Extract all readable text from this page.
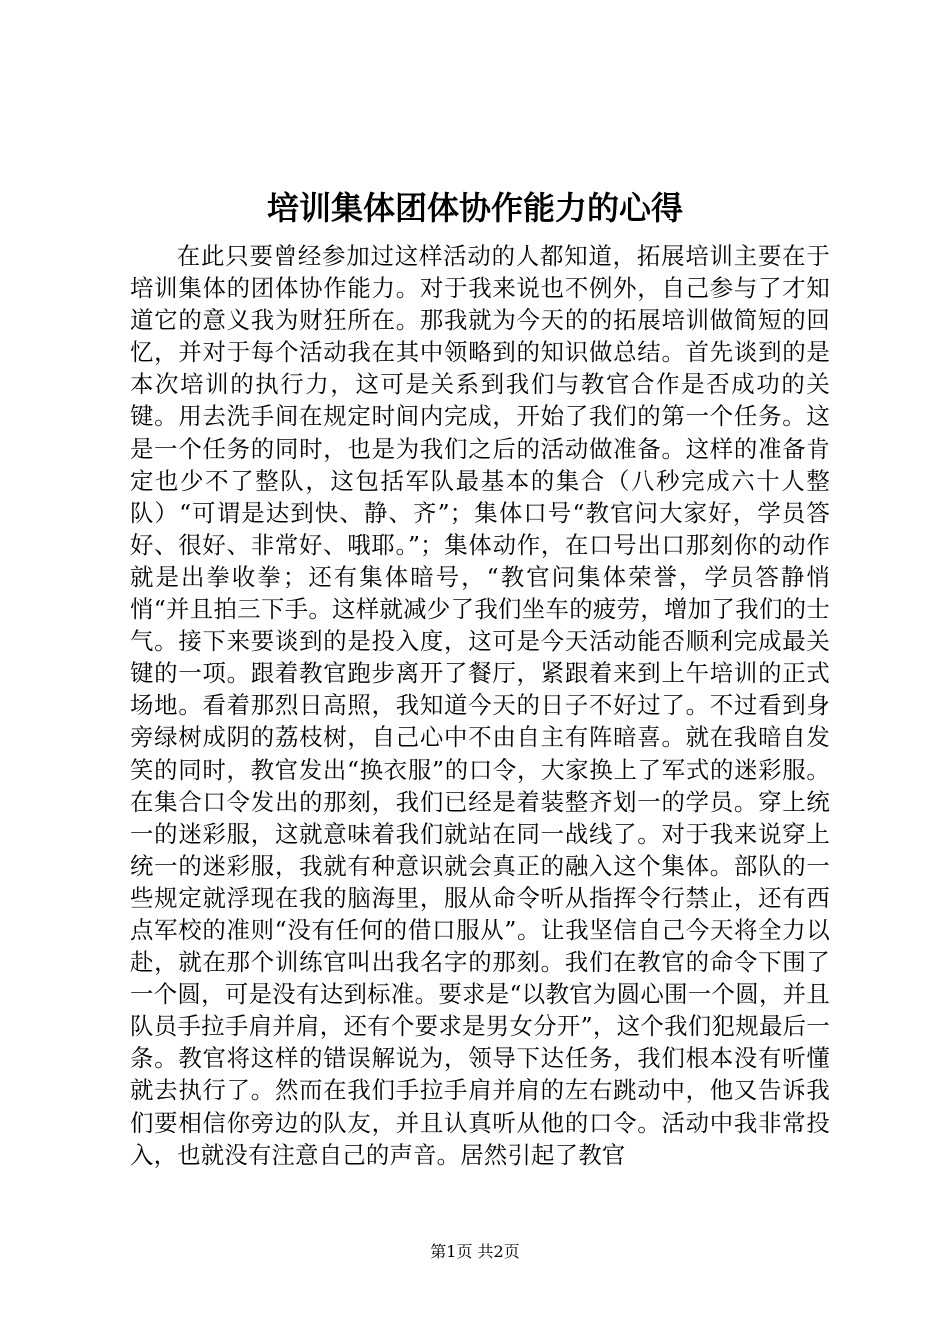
培训集体团体协作能力的心得

在此只要曾经参加过这样活动的人都知道，拓展培训主要在于培训集体的团体协作能力。对于我来说也不例外，自己参与了才知道它的意义我为财狂所在。那我就为今天的的拓展培训做简短的回忆，并对于每个活动我在其中领略到的知识做总结。首先谈到的是本次培训的执行力，这可是关系到我们与教官合作是否成功的关键。用去洗手间在规定时间内完成，开始了我们的第一个任务。这是一个任务的同时，也是为我们之后的活动做准备。这样的准备肯定也少不了整队，这包括军队最基本的集合（八秒完成六十人整队）“可谓是达到快、静、齐”；集体口号“教官问大家好，学员答好、很好、非常好、哦耶。”；集体动作，在口号出口那刻你的动作就是出拳收拳；还有集体暗号，“教官问集体荣誉，学员答静悄悄“并且拍三下手。这样就减少了我们坐车的疲劳，增加了我们的士气。接下来要谈到的是投入度，这可是今天活动能否顺利完成最关键的一项。跟着教官跑步离开了餐厅，紧跟着来到上午培训的正式场地。看着那烈日高照，我知道今天的日子不好过了。不过看到身旁绿树成阴的荔枝树，自己心中不由自主有阵暗喜。就在我暗自发笑的同时，教官发出“换衣服”的口令，大家换上了军式的迷彩服。在集合口令发出的那刻，我们已经是着装整齐划一的学员。穿上统一的迷彩服，这就意味着我们就站在同一战线了。对于我来说穿上统一的迷彩服，我就有种意识就会真正的融入这个集体。部队的一些规定就浮现在我的脑海里，服从命令听从指挥令行禁止，还有西点军校的准则“没有任何的借口服从”。让我坚信自己今天将全力以赴，就在那个训练官叫出我名字的那刻。我们在教官的命令下围了一个圆，可是没有达到标准。要求是“以教官为圆心围一个圆，并且队员手拉手肩并肩，还有个要求是男女分开”，这个我们犯规最后一条。教官将这样的错误解说为，领导下达任务，我们根本没有听懂就去执行了。然而在我们手拉手肩并肩的左右跳动中，他又告诉我们要相信你旁边的队友，并且认真听从他的口令。活动中我非常投入，也就没有注意自己的声音。居然引起了教官

第1页 共2页
